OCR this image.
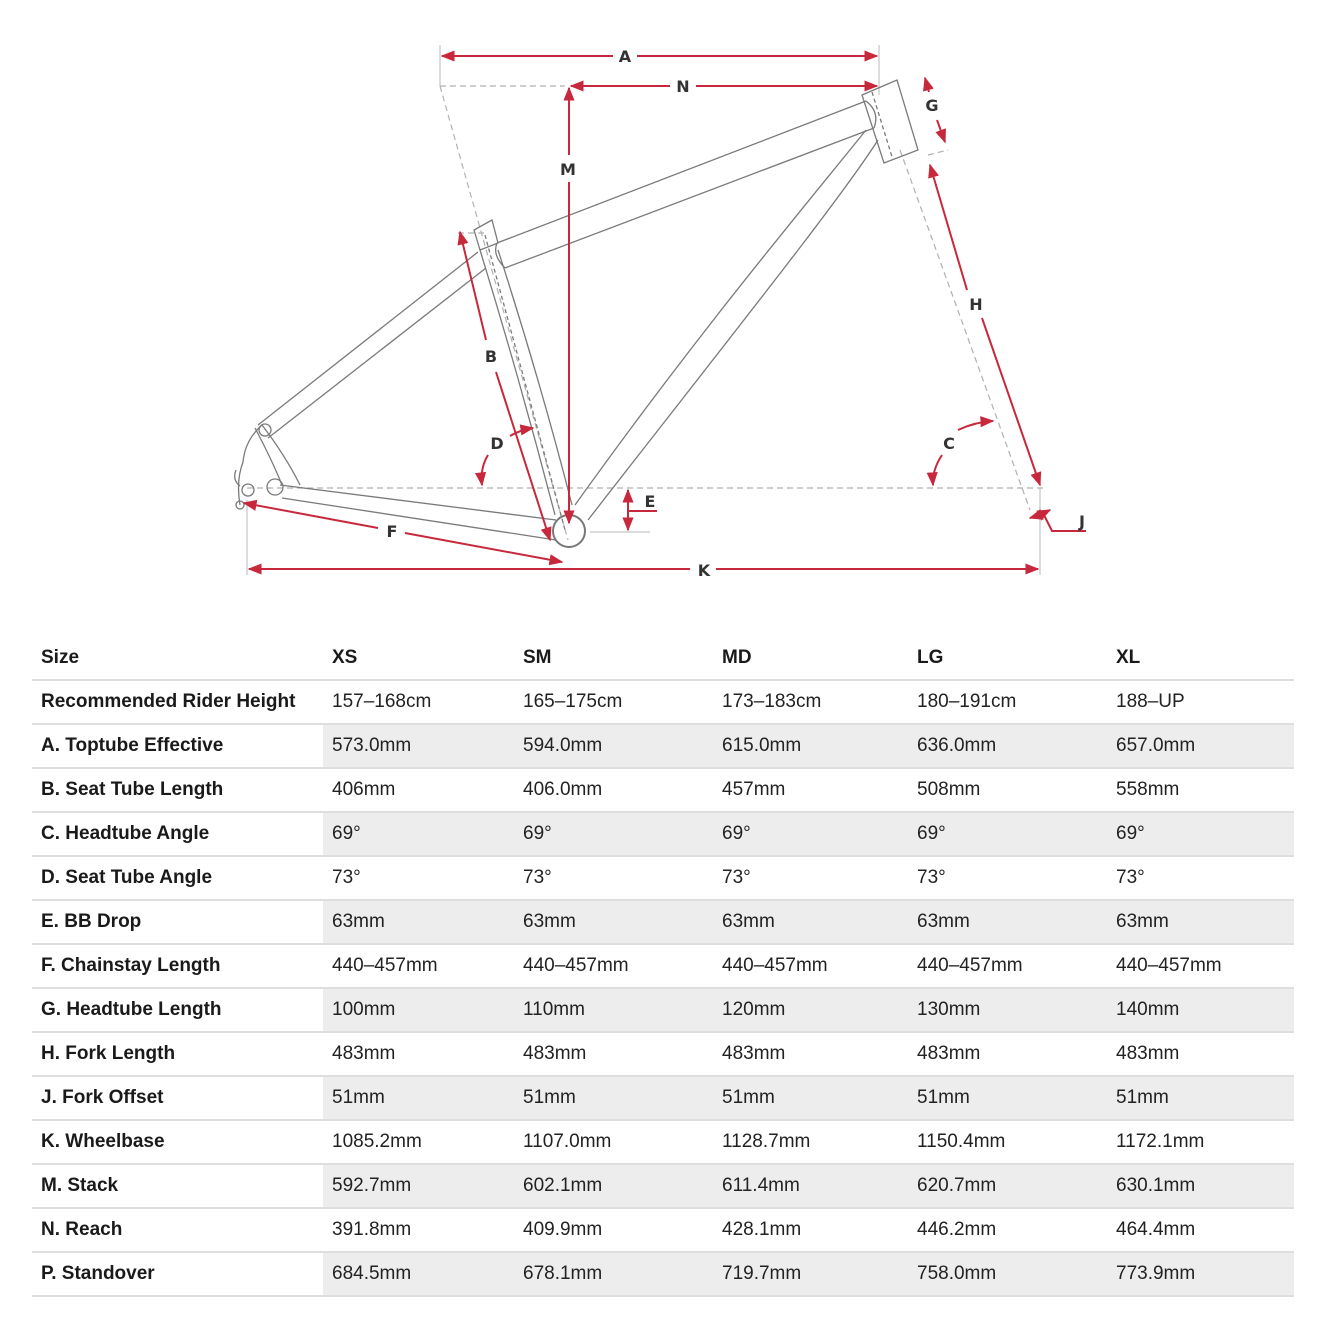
A
N
M
G
H
B
D	C
E
F
K
J
Size	XS	SM	MD	LG	XL
Recommended Rider Height	157–168cm	165–175cm	173–183cm	180–191cm	188–UP
A. Toptube Effective	573.0mm	594.0mm	615.0mm	636.0mm	657.0mm
B. Seat Tube Length	406mm	406.0mm	457mm	508mm	558mm
C. Headtube Angle	69°	69°	69°	69°	69°
D. Seat Tube Angle	73°	73°	73°	73°	73°
E. BB Drop	63mm	63mm	63mm	63mm	63mm
F. Chainstay Length	440–457mm	440–457mm	440–457mm	440–457mm	440–457mm
G. Headtube Length	100mm	110mm	120mm	130mm	140mm
H. Fork Length	483mm	483mm	483mm	483mm	483mm
J. Fork Offset	51mm	51mm	51mm	51mm	51mm
K. Wheelbase	1085.2mm	1107.0mm	1128.7mm	1150.4mm	1172.1mm
M. Stack	592.7mm	602.1mm	611.4mm	620.7mm	630.1mm
N. Reach	391.8mm	409.9mm	428.1mm	446.2mm	464.4mm
P. Standover	684.5mm	678.1mm	719.7mm	758.0mm	773.9mm
